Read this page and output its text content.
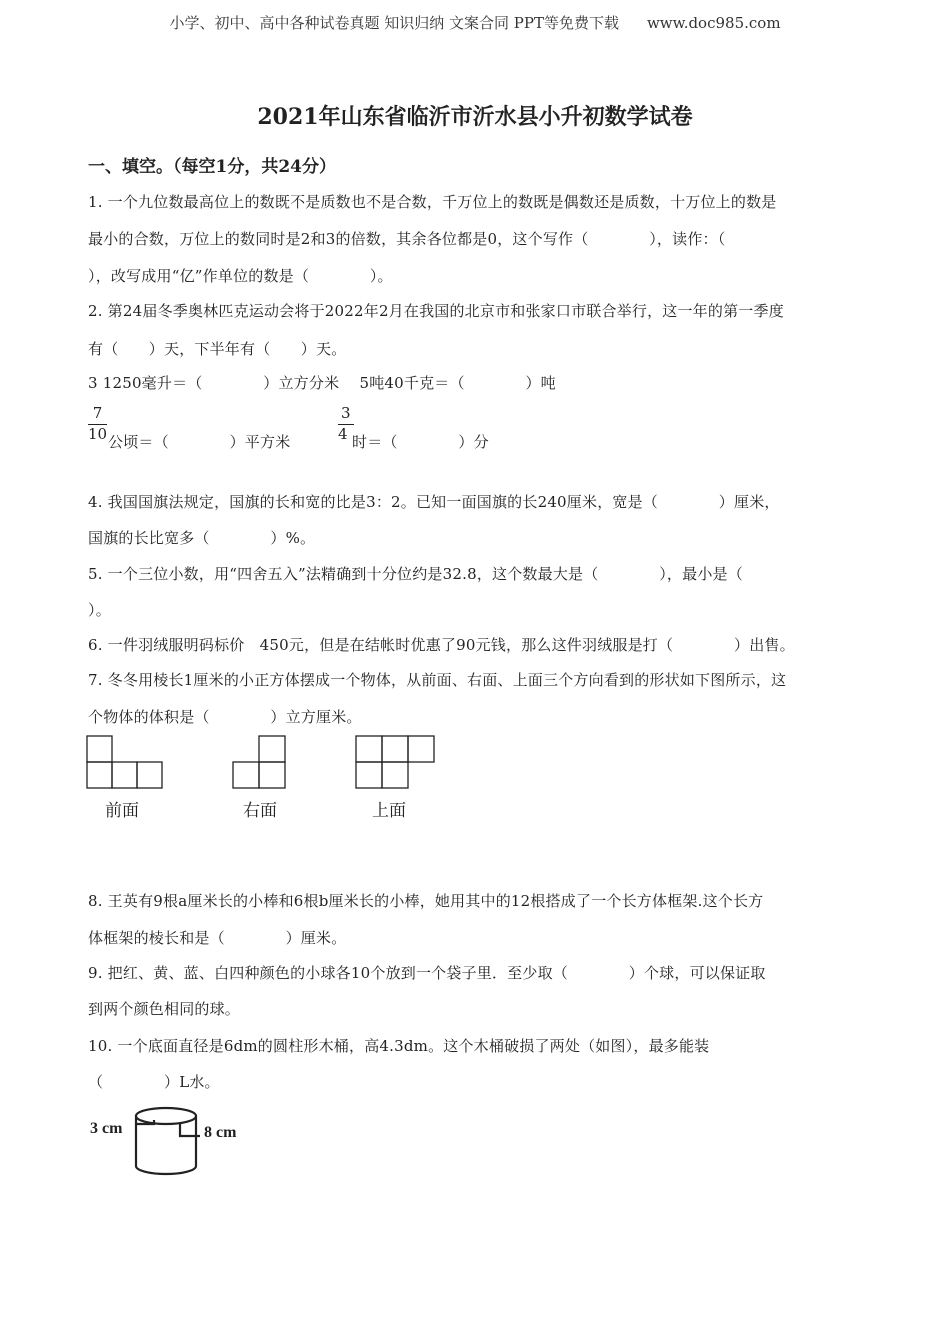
小学、初中、高中各种试卷真题 知识归纳 文案合同 PPT等免费下载 www.doc985.com
2021年山东省临沂市沂水县小升初数学试卷
一、填空。（每空1分，共24分）
1. 一个九位数最高位上的数既不是质数也不是合数，千万位上的数既是偶数还是质数，十万位上的数是
最小的合数，万位上的数同时是2和3的倍数，其余各位都是0，这个写作（　　　　），读作：（
），改写成用“亿”作单位的数是（　　　　）。
2. 第24届冬季奥林匹克运动会将于2022年2月在我国的北京市和张家口市联合举行，这一年的第一季度
有（　　）天，下半年有（　　）天。
3 1250毫升＝（　　　　）立方分米　 5吨40千克＝（　　　　）吨
$\frac{7}{10}$ 公顷＝（　　　　）平方米	$\frac{3}{4}$
时＝（　　　　）分
4. 我国国旗法规定，国旗的长和宽的比是3：2。已知一面国旗的长240厘米，宽是（　　　　）厘米，
国旗的长比宽多（　　　　）%。
5. 一个三位小数，用“四舍五入”法精确到十分位约是32.8，这个数最大是（　　　　），最小是（
）。
6. 一件羽绒服明码标价　450元，但是在结帐时优惠了90元钱，那么这件羽绒服是打（　　　　）出售。
7. 冬冬用棱长1厘米的小正方体摆成一个物体，从前面、右面、上面三个方向看到的形状如下图所示，这
个物体的体积是（　　　　）立方厘米。
前面	右面	上面
8. 王英有9根a厘米长的小棒和6根b厘米长的小棒，她用其中的12根搭成了一个长方体框架.这个长方
体框架的棱长和是（　　　　）厘米。
9. 把红、黄、蓝、白四种颜色的小球各10个放到一个袋子里．至少取（　　　　）个球，可以保证取
到两个颜色相同的球。
10. 一个底面直径是6dm的圆柱形木桶，高4.3dm。这个木桶破损了两处（如图），最多能装
（　　　　）L水。
3 cm	8 cm
